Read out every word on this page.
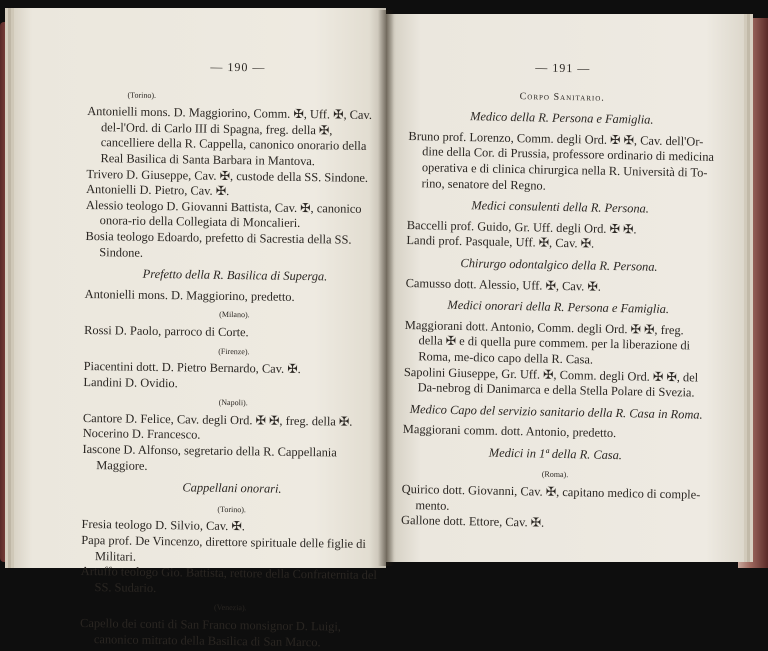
— 190 —
(Torino).
Antonielli mons. D. Maggiorino, Comm. ✠, Uff. ✠, Cav. del-l'Ord. di Carlo III di Spagna, freg. della ✠, cancelliere della R. Cappella, canonico onorario della Real Basilica di Santa Barbara in Mantova.
Trivero D. Giuseppe, Cav. ✠, custode della SS. Sindone.
Antonielli D. Pietro, Cav. ✠.
Alessio teologo D. Giovanni Battista, Cav. ✠, canonico onora-rio della Collegiata di Moncalieri.
Bosia teologo Edoardo, prefetto di Sacrestia della SS. Sindone.
Prefetto della R. Basilica di Superga.
Antonielli mons. D. Maggiorino, predetto.
(Milano).
Rossi D. Paolo, parroco di Corte.
(Firenze).
Piacentini dott. D. Pietro Bernardo, Cav. ✠.
Landini D. Ovidio.
(Napoli).
Cantore D. Felice, Cav. degli Ord. ✠ ✠, freg. della ✠.
Nocerino D. Francesco.
Iascone D. Alfonso, segretario della R. Cappellania Maggiore.
Cappellani onorari.
(Torino).
Fresia teologo D. Silvio, Cav. ✠.
Papa prof. De Vincenzo, direttore spirituale delle figlie di Militari.
Artuffo teologo Gio. Battista, rettore della Confraternita del SS. Sudario.
(Venezia).
Capello dei conti di San Franco monsignor D. Luigi, canonico mitrato della Basilica di San Marco.
— 191 —
Corpo Sanitario.
Medico della R. Persona e Famiglia.
Bruno prof. Lorenzo, Comm. degli Ord. ✠ ✠, Cav. dell'Or-dine della Cor. di Prussia, professore ordinario di medicina operativa e di clinica chirurgica nella R. Università di To-rino, senatore del Regno.
Medici consulenti della R. Persona.
Baccelli prof. Guido, Gr. Uff. degli Ord. ✠ ✠.
Landi prof. Pasquale, Uff. ✠, Cav. ✠.
Chirurgo odontalgico della R. Persona.
Camusso dott. Alessio, Uff. ✠, Cav. ✠.
Medici onorari della R. Persona e Famiglia.
Maggiorani dott. Antonio, Comm. degli Ord. ✠ ✠, freg. della ✠ e di quella pure commem. per la liberazione di Roma, me-dico capo della R. Casa.
Sapolini Giuseppe, Gr. Uff. ✠, Comm. degli Ord. ✠ ✠, del Da-nebrog di Danimarca e della Stella Polare di Svezia.
Medico Capo del servizio sanitario della R. Casa in Roma.
Maggiorani comm. dott. Antonio, predetto.
Medici in 1ª della R. Casa.
(Roma).
Quirico dott. Giovanni, Cav. ✠, capitano medico di comple-mento.
Gallone dott. Ettore, Cav. ✠.
